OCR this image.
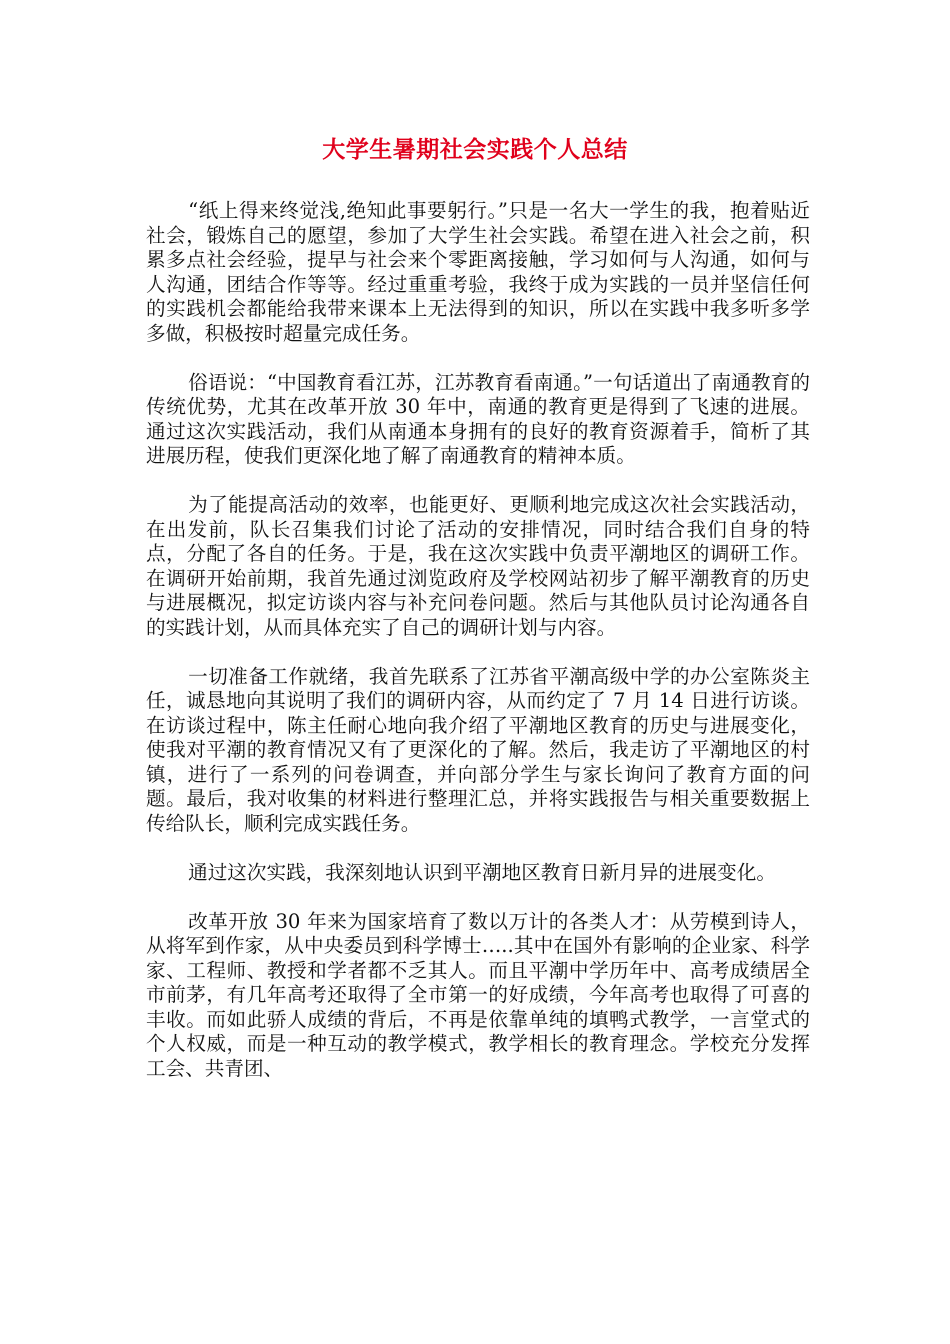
大学生暑期社会实践个人总结

“纸上得来终觉浅,绝知此事要躬行。”只是一名大一学生的我，抱着贴近社会，锻炼自己的愿望，参加了大学生社会实践。希望在进入社会之前，积累多点社会经验，提早与社会来个零距离接触，学习如何与人沟通，如何与人沟通，团结合作等等。经过重重考验，我终于成为实践的一员并坚信任何的实践机会都能给我带来课本上无法得到的知识，所以在实践中我多听多学多做，积极按时超量完成任务。

俗语说：“中国教育看江苏，江苏教育看南通。”一句话道出了南通教育的传统优势，尤其在改革开放 30 年中，南通的教育更是得到了飞速的进展。通过这次实践活动，我们从南通本身拥有的良好的教育资源着手，简析了其进展历程，使我们更深化地了解了南通教育的精神本质。

为了能提高活动的效率，也能更好、更顺利地完成这次社会实践活动，在出发前，队长召集我们讨论了活动的安排情况，同时结合我们自身的特点，分配了各自的任务。于是，我在这次实践中负责平潮地区的调研工作。在调研开始前期，我首先通过浏览政府及学校网站初步了解平潮教育的历史与进展概况，拟定访谈内容与补充问卷问题。然后与其他队员讨论沟通各自的实践计划，从而具体充实了自己的调研计划与内容。

一切准备工作就绪，我首先联系了江苏省平潮高级中学的办公室陈炎主任，诚恳地向其说明了我们的调研内容，从而约定了 7 月 14 日进行访谈。在访谈过程中，陈主任耐心地向我介绍了平潮地区教育的历史与进展变化，使我对平潮的教育情况又有了更深化的了解。然后，我走访了平潮地区的村镇，进行了一系列的问卷调查，并向部分学生与家长询问了教育方面的问题。最后，我对收集的材料进行整理汇总，并将实践报告与相关重要数据上传给队长，顺利完成实践任务。

通过这次实践，我深刻地认识到平潮地区教育日新月异的进展变化。

改革开放 30 年来为国家培育了数以万计的各类人才：从劳模到诗人，从将军到作家，从中央委员到科学博士…..其中在国外有影响的企业家、科学家、工程师、教授和学者都不乏其人。而且平潮中学历年中、高考成绩居全市前茅，有几年高考还取得了全市第一的好成绩，今年高考也取得了可喜的丰收。而如此骄人成绩的背后，不再是依靠单纯的填鸭式教学，一言堂式的个人权威，而是一种互动的教学模式，教学相长的教育理念。学校充分发挥工会、共青团、
